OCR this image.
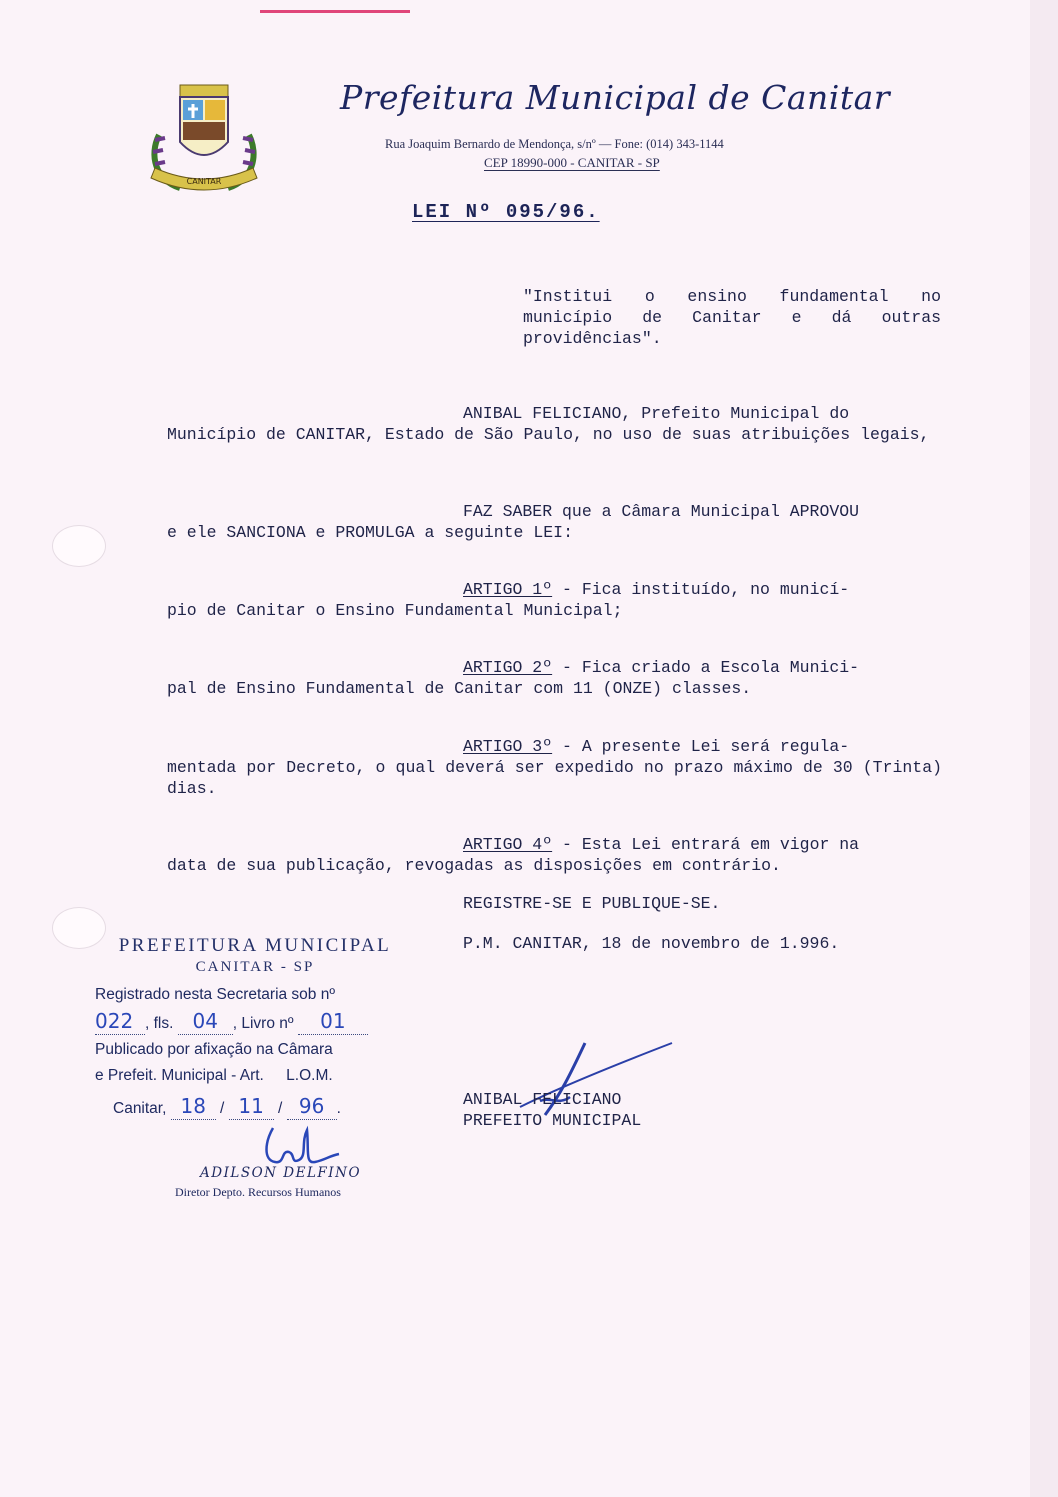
CANITAR
Prefeitura Municipal de Canitar
Rua Joaquim Bernardo de Mendonça, s/nº — Fone: (014) 343-1144
CEP 18990-000 - CANITAR - SP
LEI Nº 095/96.
"Institui o ensino fundamental no município de Canitar e dá outras providências".
ANIBAL FELICIANO, Prefeito Municipal do
Município de CANITAR, Estado de São Paulo, no uso de suas atribuições legais,
FAZ SABER que a Câmara Municipal APROVOU
e ele SANCIONA e PROMULGA a seguinte LEI:
ARTIGO 1º - Fica instituído, no municí-
pio de Canitar o Ensino Fundamental Municipal;
ARTIGO 2º - Fica criado a Escola Munici-
pal de Ensino Fundamental de Canitar com 11 (ONZE) classes.
ARTIGO 3º - A presente Lei será regula-
mentada por Decreto, o qual deverá ser expedido no prazo máximo de 30 (Trinta) dias.
ARTIGO 4º - Esta Lei entrará em vigor na
data de sua publicação, revogadas as disposições em contrário.
REGISTRE-SE E PUBLIQUE-SE.
P.M. CANITAR, 18 de novembro de 1.996.
PREFEITURA MUNICIPAL
CANITAR - SP
Registrado nesta Secretaria sob nº
022 , fls. 04 , Livro nº 01
Publicado por afixação na Câmara
e Prefeit. Municipal - Art. L.O.M.
Canitar, 18 / 11 / 96 .
ADILSON DELFINO
Diretor Depto. Recursos Humanos
ANIBAL FELICIANO
PREFEITO MUNICIPAL
